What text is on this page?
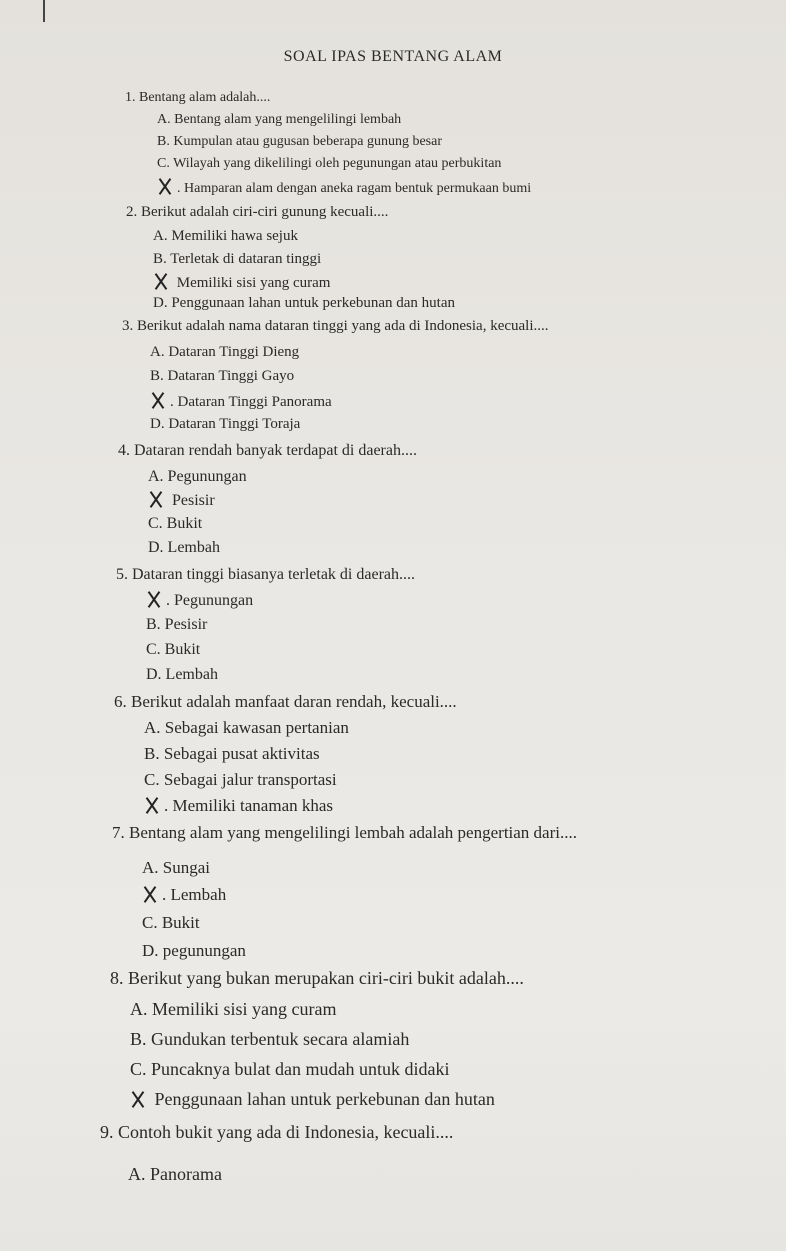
SOAL IPAS BENTANG ALAM
1. Bentang alam adalah....
A. Bentang alam yang mengelilingi lembah
B. Kumpulan atau gugusan beberapa gunung besar
C. Wilayah yang dikelilingi oleh pegunungan atau perbukitan
. Hamparan alam dengan aneka ragam bentuk permukaan bumi
2. Berikut adalah ciri-ciri gunung kecuali....
A. Memiliki hawa sejuk
B. Terletak di dataran tinggi
Memiliki sisi yang curam
D. Penggunaan lahan untuk perkebunan dan hutan
3. Berikut adalah nama dataran tinggi yang ada di Indonesia, kecuali....
A. Dataran Tinggi Dieng
B. Dataran Tinggi Gayo
. Dataran Tinggi Panorama
D. Dataran Tinggi Toraja
4. Dataran rendah banyak terdapat di daerah....
A. Pegunungan
Pesisir
C. Bukit
D. Lembah
5. Dataran tinggi biasanya terletak di daerah....
. Pegunungan
B. Pesisir
C. Bukit
D. Lembah
6. Berikut adalah manfaat daran rendah, kecuali....
A. Sebagai kawasan pertanian
B. Sebagai pusat aktivitas
C. Sebagai jalur transportasi
. Memiliki tanaman khas
7. Bentang alam yang mengelilingi lembah adalah pengertian dari....
A. Sungai
. Lembah
C. Bukit
D. pegunungan
8. Berikut yang bukan merupakan ciri-ciri bukit adalah....
A. Memiliki sisi yang curam
B. Gundukan terbentuk secara alamiah
C. Puncaknya bulat dan mudah untuk didaki
Penggunaan lahan untuk perkebunan dan hutan
9. Contoh bukit yang ada di Indonesia, kecuali....
A. Panorama
